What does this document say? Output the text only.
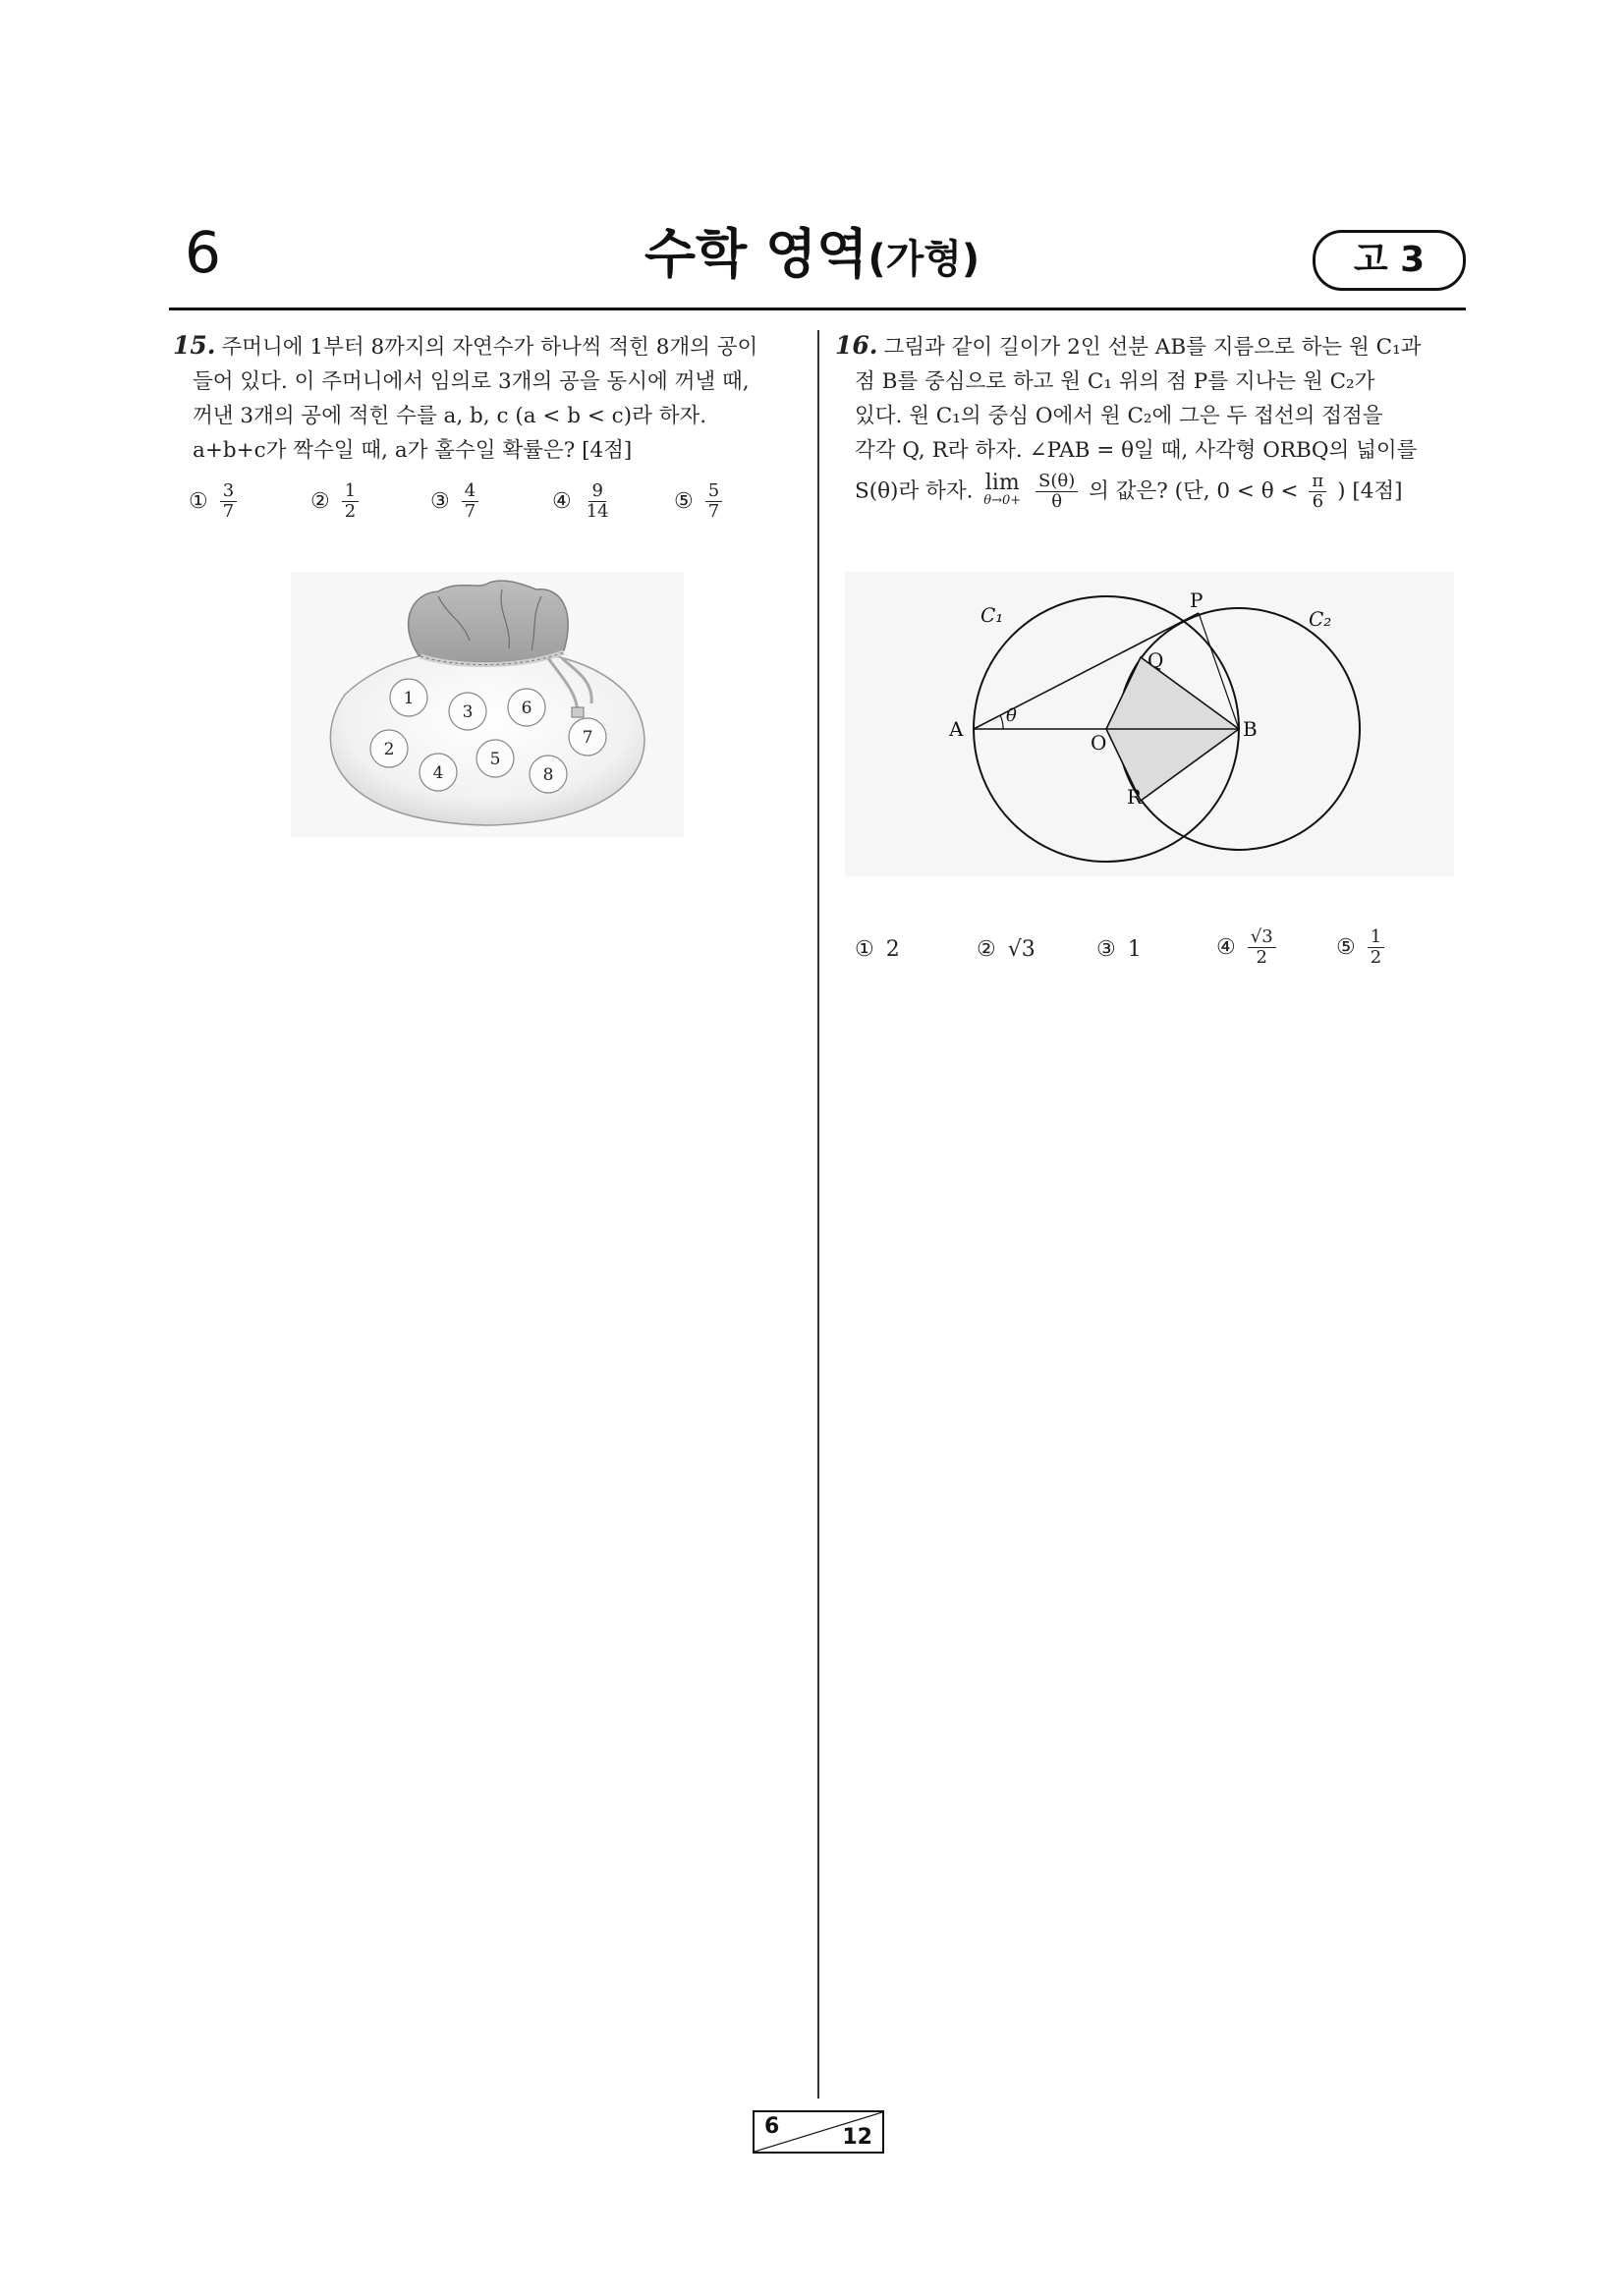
6	수학 영역(가형)	고 3
15. 주머니에 1부터 8까지의 자연수가 하나씩 적힌 8개의 공이
들어 있다. 이 주머니에서 임의로 3개의 공을 동시에 꺼낼 때,
꺼낸 3개의 공에 적힌 수를 a, b, c (a < b < c)라 하자.
a+b+c가 짝수일 때, a가 홀수일 확률은? [4점]
① $\frac{3}{7}$	② $\frac{1}{2}$	③ $\frac{4}{7}$	④ $\frac{9}{14}$	⑤ $\frac{5}{7}$
1
3	6
7
2	5
4	8
16. 그림과 같이 길이가 2인 선분 AB를 지름으로 하는 원 C₁과
점 B를 중심으로 하고 원 C₁ 위의 점 P를 지나는 원 C₂가
있다. 원 C₁의 중심 O에서 원 C₂에 그은 두 접선의 접점을
각각 Q, R라 하자. ∠PAB = θ일 때, 사각형 ORBQ의 넓이를
S(θ)라 하자. lim
θ→0+
$\frac{S(\theta)}{\theta}$ 의 값은? (단, $0 < \theta < \frac{\pi}{6}$ ) [4점]
C₁	C₂
P
Q
A
θ
O
B
R
① 2	② √3	③ 1	④ $\frac{√3}{2}$	⑤ $\frac{1}{2}$
6	12
